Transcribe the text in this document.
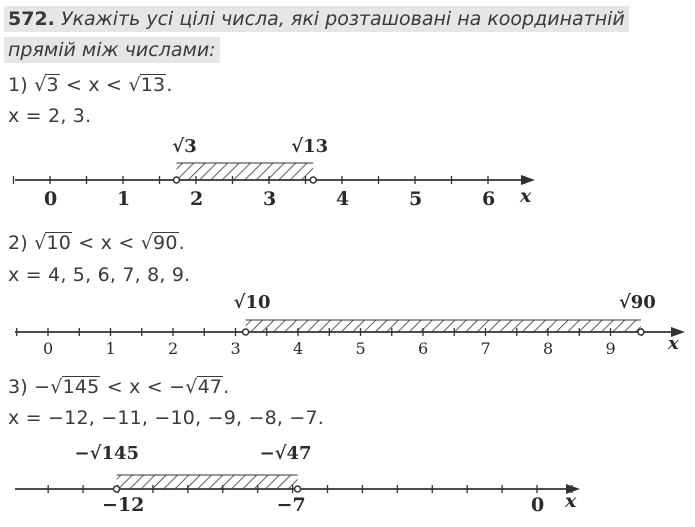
572. Укажіть усі цілі числа, які розташовані на координатній
прямій між числами:
1) √3 < x < √13.
x = 2, 3.
0	1	2	3	4	5	6
√3	√13
x
2) √10 < x < √90.
x = 4, 5, 6, 7, 8, 9.
0	1	2	3	4	5	6	7	8	9
√10	√90
x
3) −√145 < x < −√47.
x = −12, −11, −10, −9, −8, −7.
−12	−7	0
−√145	−√47
x
